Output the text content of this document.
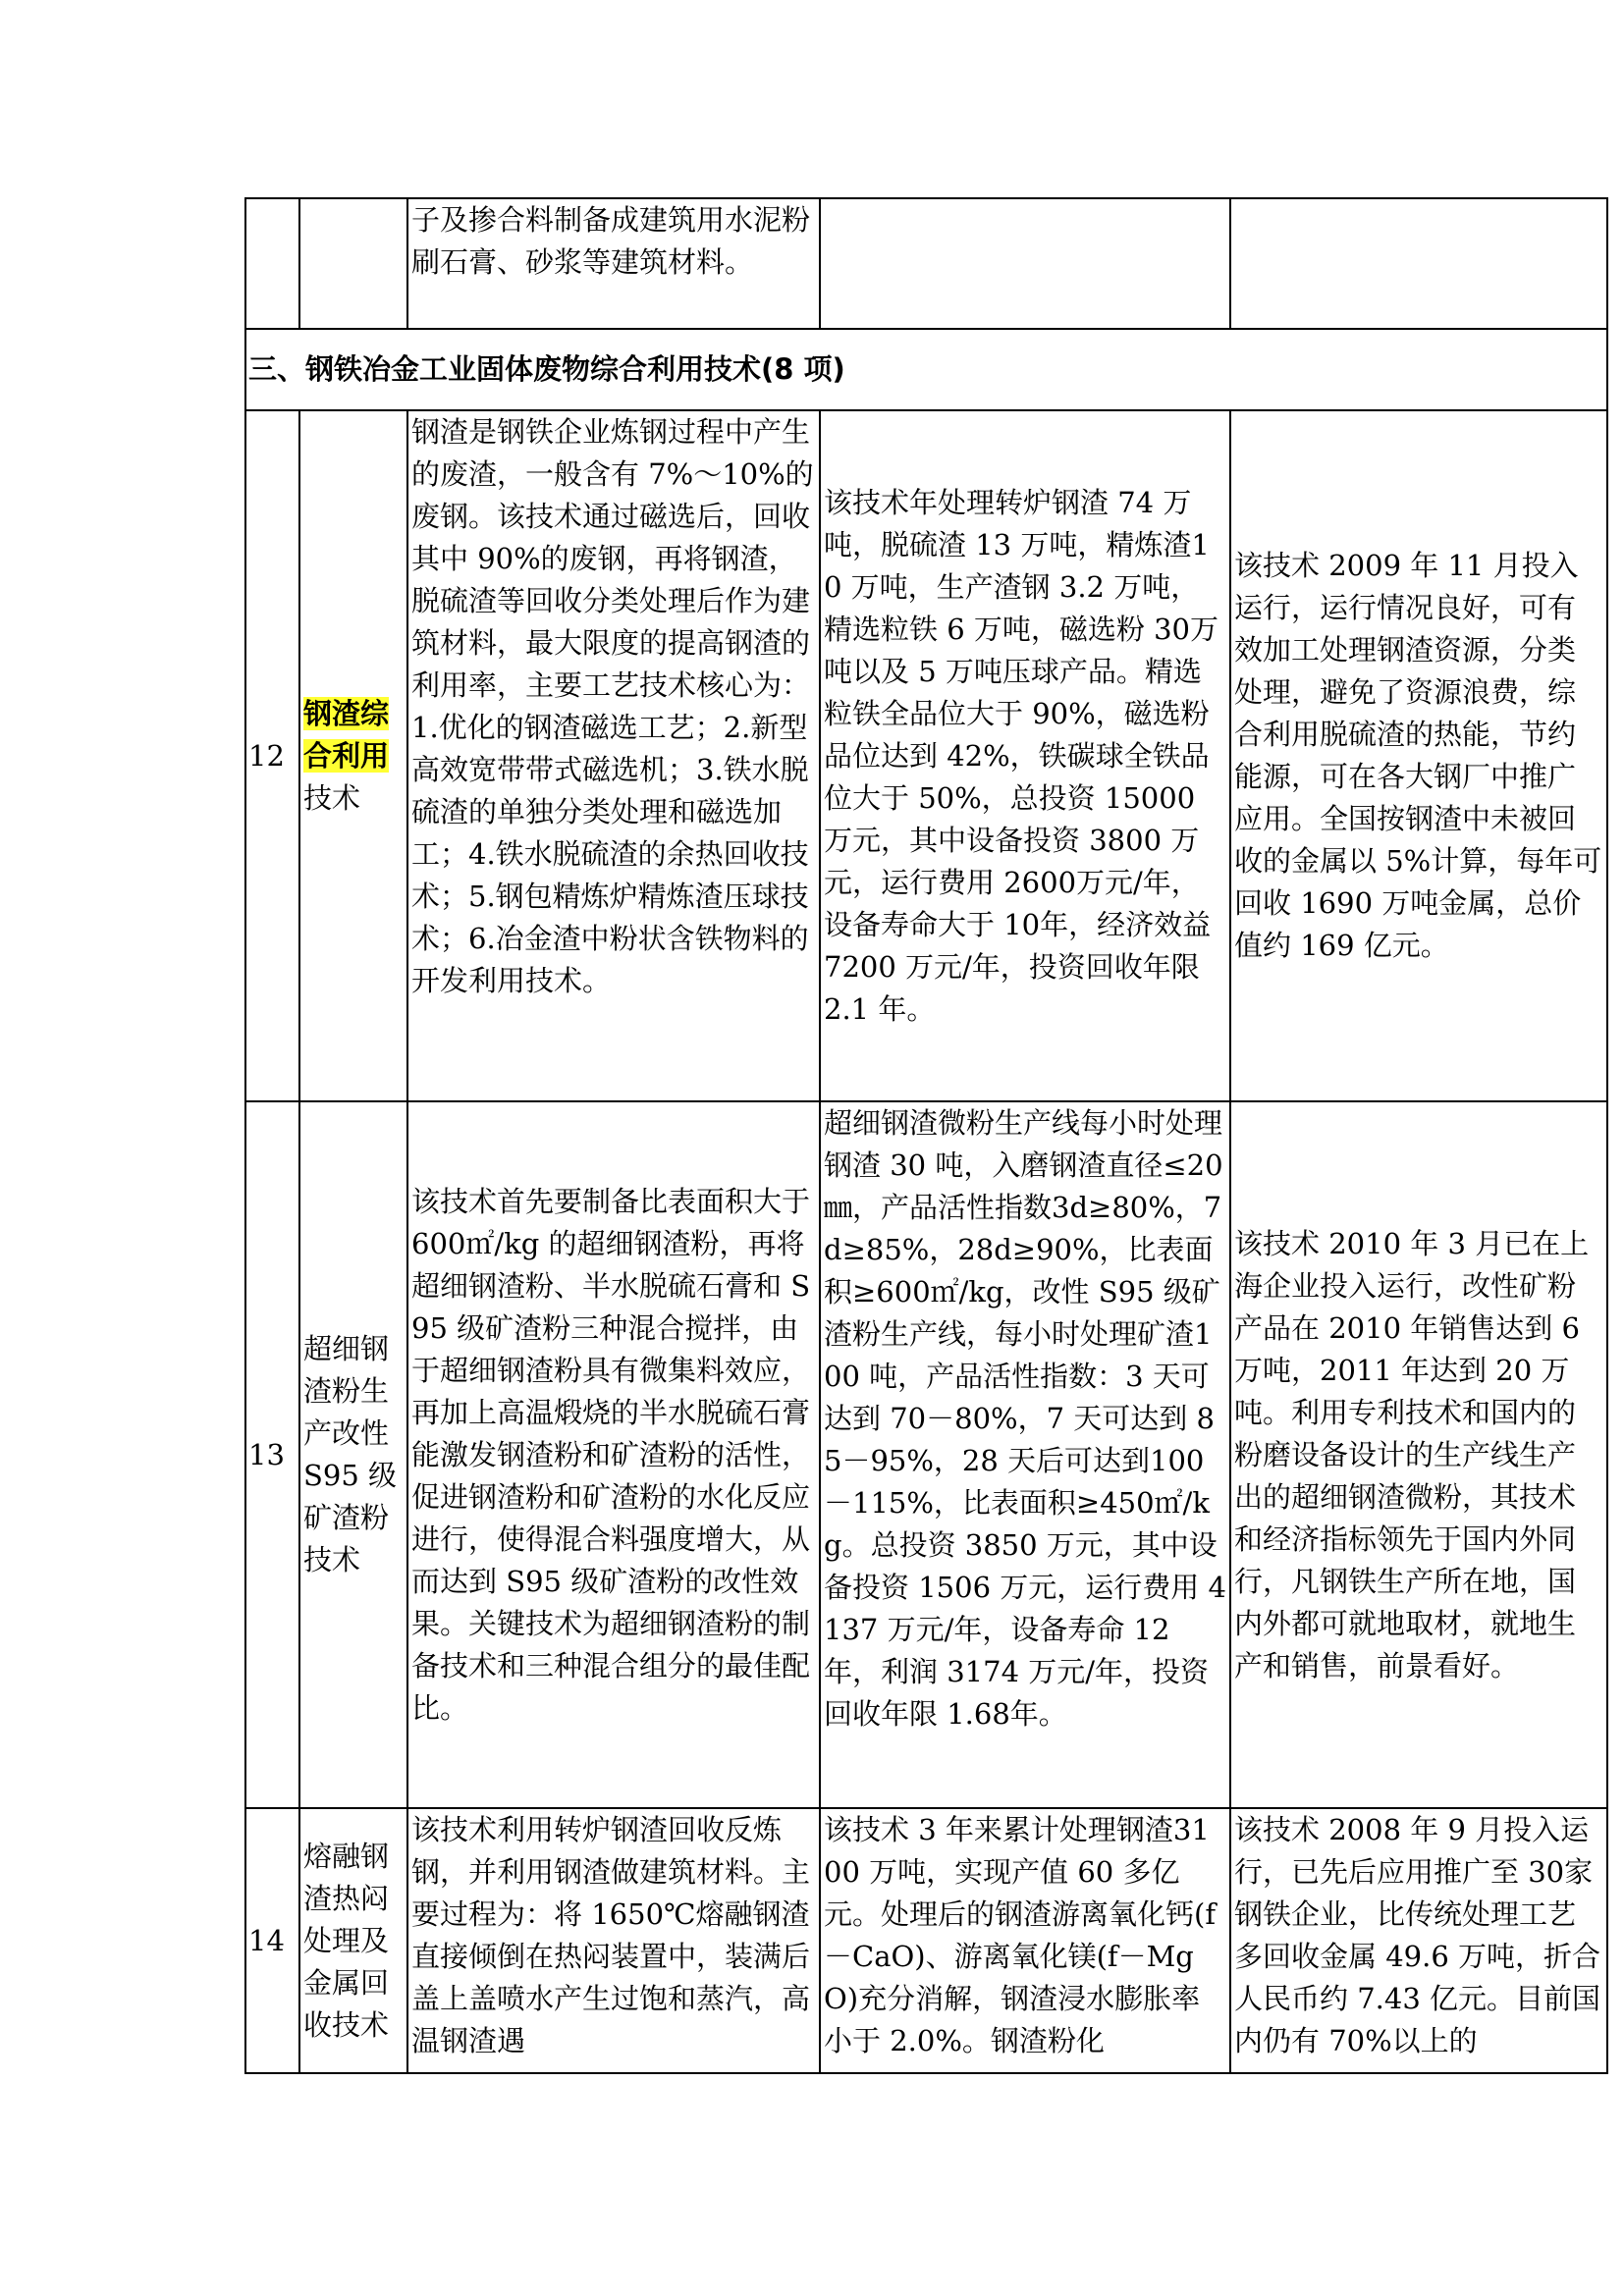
		子及掺合料制备成建筑用水泥粉刷石膏、砂浆等建筑材料。		
三、钢铁冶金工业固体废物综合利用技术(8 项)				
12	钢渣综合利用技术	钢渣是钢铁企业炼钢过程中产生的废渣，一般含有 7%～10%的废钢。该技术通过磁选后，回收其中 90%的废钢，再将钢渣，脱硫渣等回收分类处理后作为建筑材料，最大限度的提高钢渣的利用率，主要工艺技术核心为：1.优化的钢渣磁选工艺；2.新型高效宽带带式磁选机；3.铁水脱硫渣的单独分类处理和磁选加工；4.铁水脱硫渣的余热回收技术；5.钢包精炼炉精炼渣压球技术；6.冶金渣中粉状含铁物料的开发利用技术。	该技术年处理转炉钢渣 74 万吨，脱硫渣 13 万吨，精炼渣10 万吨，生产渣钢 3.2 万吨，精选粒铁 6 万吨，磁选粉 30万吨以及 5 万吨压球产品。精选粒铁全品位大于 90%，磁选粉品位达到 42%，铁碳球全铁品位大于 50%，总投资 15000 万元，其中设备投资 3800 万元，运行费用 2600万元/年，设备寿命大于 10年，经济效益 7200 万元/年，投资回收年限 2.1 年。	该技术 2009 年 11 月投入运行，运行情况良好，可有效加工处理钢渣资源，分类处理，避免了资源浪费，综合利用脱硫渣的热能，节约能源，可在各大钢厂中推广应用。全国按钢渣中未被回收的金属以 5%计算，每年可回收 1690 万吨金属，总价值约 169 亿元。
13	超细钢渣粉生产改性 S95 级矿渣粉技术	该技术首先要制备比表面积大于 600㎡/kg 的超细钢渣粉，再将超细钢渣粉、半水脱硫石膏和 S95 级矿渣粉三种混合搅拌，由于超细钢渣粉具有微集料效应，再加上高温煅烧的半水脱硫石膏能激发钢渣粉和矿渣粉的活性，促进钢渣粉和矿渣粉的水化反应进行，使得混合料强度增大，从而达到 S95 级矿渣粉的改性效果。关键技术为超细钢渣粉的制备技术和三种混合组分的最佳配比。	超细钢渣微粉生产线每小时处理钢渣 30 吨，入磨钢渣直径≤20㎜，产品活性指数3d≥80%，7d≥85%，28d≥90%，比表面积≥600㎡/kg，改性 S95 级矿渣粉生产线，每小时处理矿渣100 吨，产品活性指数：3 天可达到 70－80%，7 天可达到 85－95%，28 天后可达到100－115%，比表面积≥450㎡/kg。总投资 3850 万元，其中设备投资 1506 万元，运行费用 4137 万元/年，设备寿命 12 年，利润 3174 万元/年，投资回收年限 1.68年。	该技术 2010 年 3 月已在上海企业投入运行，改性矿粉产品在 2010 年销售达到 6万吨，2011 年达到 20 万吨。利用专利技术和国内的粉磨设备设计的生产线生产出的超细钢渣微粉，其技术和经济指标领先于国内外同行，凡钢铁生产所在地，国内外都可就地取材，就地生产和销售，前景看好。
14	熔融钢渣热闷处理及金属回收技术	该技术利用转炉钢渣回收反炼钢，并利用钢渣做建筑材料。主要过程为：将 1650℃熔融钢渣直接倾倒在热闷装置中，装满后盖上盖喷水产生过饱和蒸汽，高温钢渣遇	该技术 3 年来累计处理钢渣3100 万吨，实现产值 60 多亿元。处理后的钢渣游离氧化钙(f－CaO)、游离氧化镁(f－MgO)充分消解，钢渣浸水膨胀率小于 2.0%。钢渣粉化	该技术 2008 年 9 月投入运行，已先后应用推广至 30家钢铁企业，比传统处理工艺多回收金属 49.6 万吨，折合人民币约 7.43 亿元。目前国内仍有 70%以上的
